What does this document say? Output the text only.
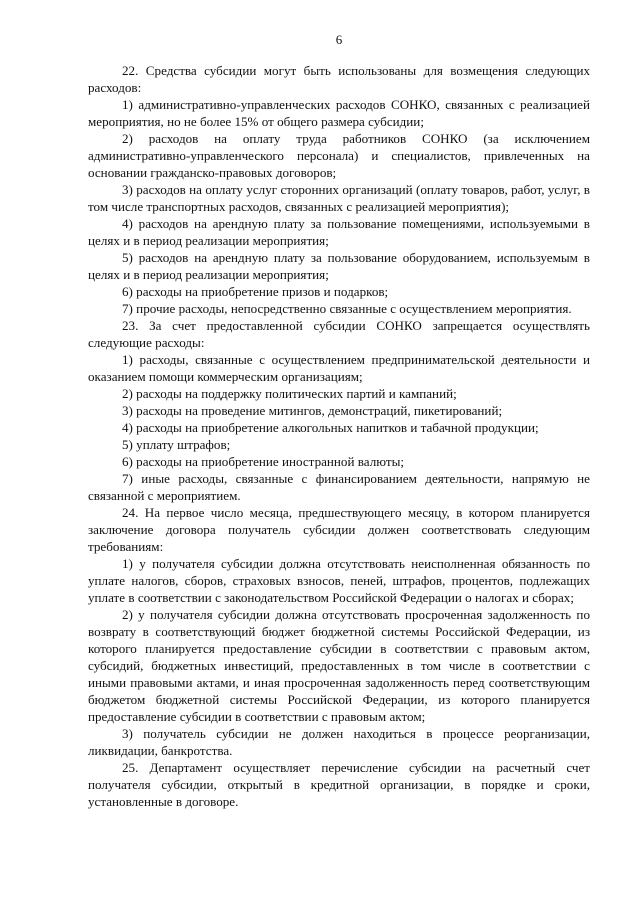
6

22. Средства субсидии могут быть использованы для возмещения следующих расходов:

1) административно-управленческих расходов СОНКО, связанных с реализацией мероприятия, но не более 15% от общего размера субсидии;

2) расходов на оплату труда работников СОНКО (за исключением административно-управленческого персонала) и специалистов, привлеченных на основании гражданско-правовых договоров;

3) расходов на оплату услуг сторонних организаций (оплату товаров, работ, услуг, в том числе транспортных расходов, связанных с реализацией мероприятия);

4) расходов на арендную плату за пользование помещениями, используемыми в целях и в период реализации мероприятия;

5) расходов на арендную плату за пользование оборудованием, используемым в целях и в период реализации мероприятия;

6) расходы на приобретение призов и подарков;

7) прочие расходы, непосредственно связанные с осуществлением мероприятия.

23. За счет предоставленной субсидии СОНКО запрещается осуществлять следующие расходы:

1) расходы, связанные с осуществлением предпринимательской деятельности и оказанием помощи коммерческим организациям;

2) расходы на поддержку политических партий и кампаний;

3) расходы на проведение митингов, демонстраций, пикетирований;

4) расходы на приобретение алкогольных напитков и табачной продукции;

5) уплату штрафов;

6) расходы на приобретение иностранной валюты;

7) иные расходы, связанные с финансированием деятельности, напрямую не связанной с мероприятием.

24. На первое число месяца, предшествующего месяцу, в котором планируется заключение договора получатель субсидии должен соответствовать следующим требованиям:

1) у получателя субсидии должна отсутствовать неисполненная обязанность по уплате налогов, сборов, страховых взносов, пеней, штрафов, процентов, подлежащих уплате в соответствии с законодательством Российской Федерации о налогах и сборах;

2) у получателя субсидии должна отсутствовать просроченная задолженность по возврату в соответствующий бюджет бюджетной системы Российской Федерации, из которого планируется предоставление субсидии в соответствии с правовым актом, субсидий, бюджетных инвестиций, предоставленных в том числе в соответствии с иными правовыми актами, и иная просроченная задолженность перед соответствующим бюджетом бюджетной системы Российской Федерации, из которого планируется предоставление субсидии в соответствии с правовым актом;

3) получатель субсидии не должен находиться в процессе реорганизации, ликвидации, банкротства.

25. Департамент осуществляет перечисление субсидии на расчетный счет получателя субсидии, открытый в кредитной организации, в порядке и сроки, установленные в договоре.
